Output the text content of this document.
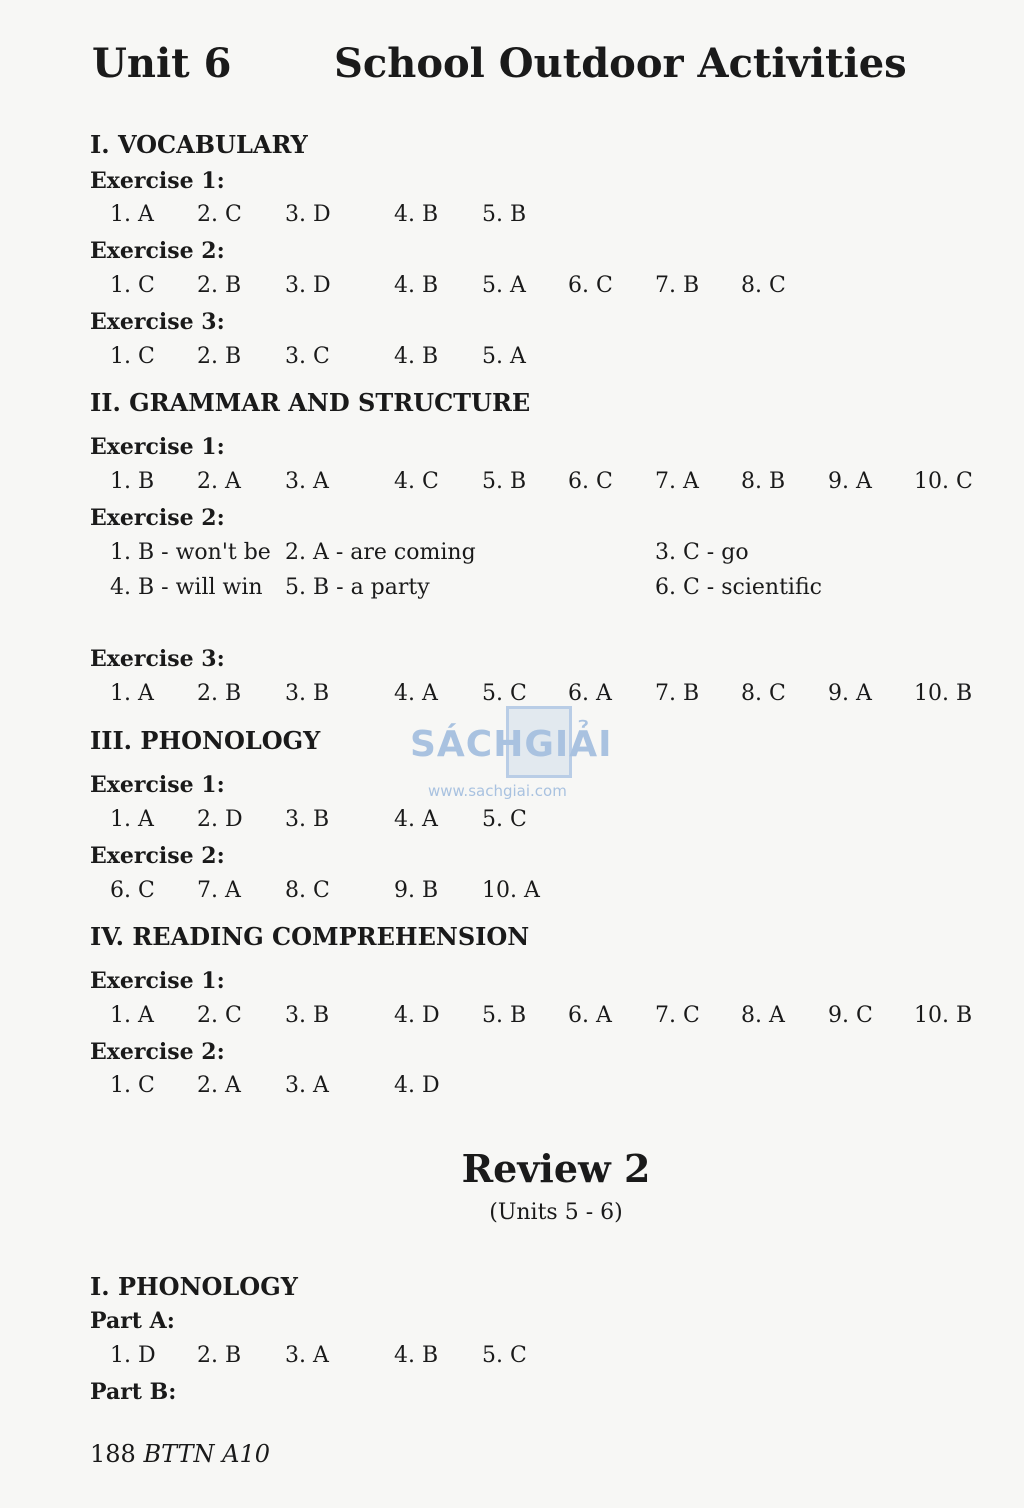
Unit 6	School Outdoor Activities
I. VOCABULARY
Exercise 1:
1. A 2. C 3. D	4. B 5. B
Exercise 2:
1. C 2. B 3. D	4. B 5. A 6. C 7. B 8. C
Exercise 3:
1. C 2. B 3. C	4. B 5. A
II. GRAMMAR AND STRUCTURE
Exercise 1:
1. B 2. A 3. A	4. C 5. B 6. C 7. A 8. B 9. A 10. C
Exercise 2:
1. B - won't be 2. A - are coming	3. C - go
4. B - will win 5. B - a party	6. C - scientific
Exercise 3:
1. A 2. B 3. B	4. A 5. C 6. A 7. B 8. C 9. A 10. B
III. PHONOLOGY
Exercise 1:
1. A 2. D 3. B	4. A 5. C
Exercise 2:
6. C 7. A 8. C	9. B 10. A
IV. READING COMPREHENSION
Exercise 1:
1. A 2. C 3. B	4. D 5. B 6. A 7. C 8. A 9. C 10. B
Exercise 2:
1. C 2. A 3. A	4. D
Review 2
(Units 5 - 6)
I. PHONOLOGY
Part A:
1. D 2. B 3. A	4. B 5. C
Part B:
SÁCHGIẢI
www.sachgiai.com
188 BTTN A10
